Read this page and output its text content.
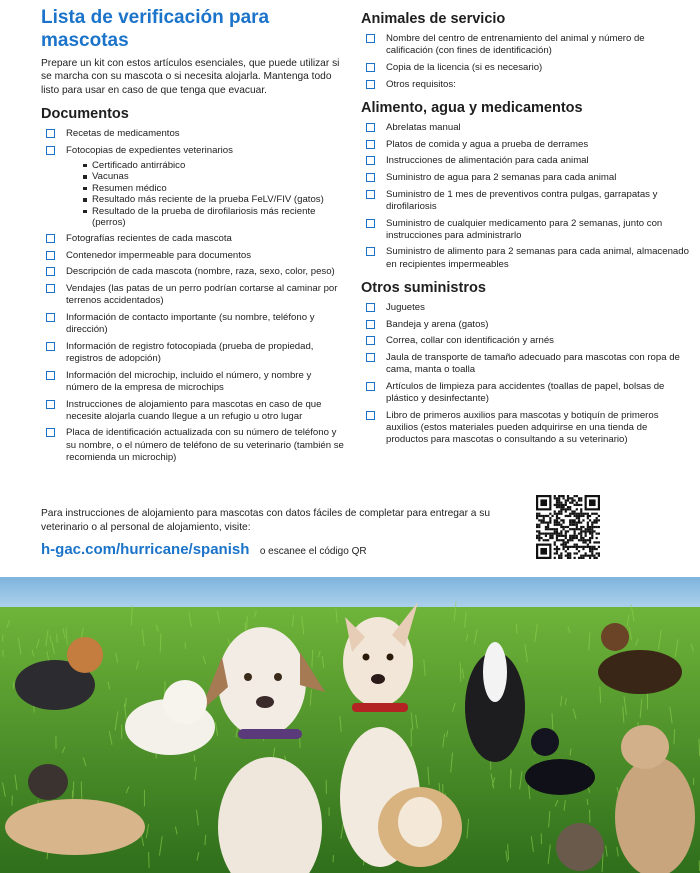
Lista de verificación para mascotas

Prepare un kit con estos artículos esenciales, que puede utilizar si se marcha con su mascota o si necesita alojarla. Mantenga todo listo para usar en caso de que tenga que evacuar.

Documentos
Recetas de medicamentos
Fotocopias de expedientes veterinarios
Certificado antirrábico
Vacunas
Resumen médico
Resultado más reciente de la prueba FeLV/FIV (gatos)
Resultado de la prueba de dirofilariosis más reciente (perros)
Fotografías recientes de cada mascota
Contenedor impermeable para documentos
Descripción de cada mascota (nombre, raza, sexo, color, peso)
Vendajes (las patas de un perro podrían cortarse al caminar por terrenos accidentados)
Información de contacto importante (su nombre, teléfono y dirección)
Información de registro fotocopiada (prueba de propiedad, registros de adopción)
Información del microchip, incluido el número, y nombre y número de la empresa de microchips
Instrucciones de alojamiento para mascotas en caso de que necesite alojarla cuando llegue a un refugio u otro lugar
Placa de identificación actualizada con su número de teléfono y su nombre, o el número de teléfono de su veterinario (también se recomienda un microchip)
Animales de servicio
Nombre del centro de entrenamiento del animal y número de calificación (con fines de identificación)
Copia de la licencia (si es necesario)
Otros requisitos:
Alimento, agua y medicamentos
Abrelatas manual
Platos de comida y agua a prueba de derrames
Instrucciones de alimentación para cada animal
Suministro de agua para 2 semanas para cada animal
Suministro de 1 mes de preventivos contra pulgas, garrapatas y dirofilariosis
Suministro de cualquier medicamento para 2 semanas, junto con instrucciones para administrarlo
Suministro de alimento para 2 semanas para cada animal, almacenado en recipientes impermeables
Otros suministros
Juguetes
Bandeja y arena (gatos)
Correa, collar con identificación y arnés
Jaula de transporte de tamaño adecuado para mascotas con ropa de cama, manta o toalla
Artículos de limpieza para accidentes (toallas de papel, bolsas de plástico y desinfectante)
Libro de primeros auxilios para mascotas y botiquín de primeros auxilios (estos materiales pueden adquirirse en una tienda de productos para mascotas o consultando a su veterinario)

Para instrucciones de alojamiento para mascotas con datos fáciles de completar para entregar a su veterinario o al personal de alojamiento, visite:

h-gac.com/hurricane/spanish o escanee el código QR
